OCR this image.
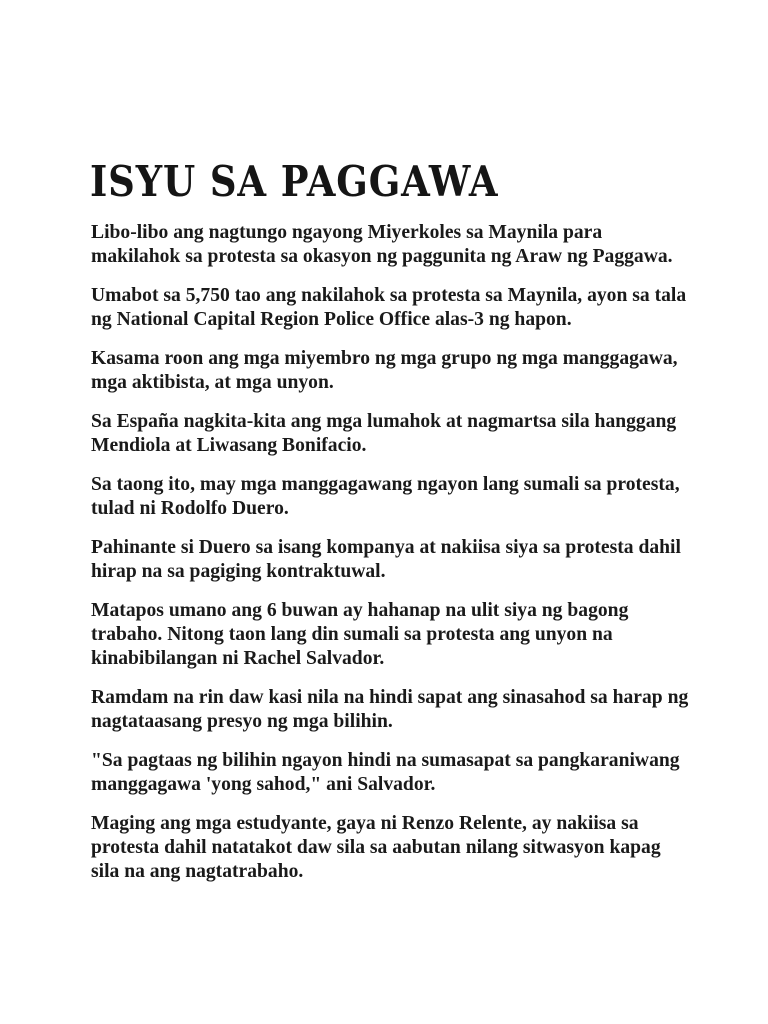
ISYU SA PAGGAWA

Libo-libo ang nagtungo ngayong Miyerkoles sa Maynila para makilahok sa protesta sa okasyon ng paggunita ng Araw ng Paggawa.

Umabot sa 5,750 tao ang nakilahok sa protesta sa Maynila, ayon sa tala ng National Capital Region Police Office alas-3 ng hapon.

Kasama roon ang mga miyembro ng mga grupo ng mga manggagawa, mga aktibista, at mga unyon.

Sa España nagkita-kita ang mga lumahok at nagmartsa sila hanggang Mendiola at Liwasang Bonifacio.

Sa taong ito, may mga manggagawang ngayon lang sumali sa protesta, tulad ni Rodolfo Duero.

Pahinante si Duero sa isang kompanya at nakiisa siya sa protesta dahil hirap na sa pagiging kontraktuwal.

Matapos umano ang 6 buwan ay hahanap na ulit siya ng bagong trabaho. Nitong taon lang din sumali sa protesta ang unyon na kinabibilangan ni Rachel Salvador.

Ramdam na rin daw kasi nila na hindi sapat ang sinasahod sa harap ng nagtataasang presyo ng mga bilihin.

"Sa pagtaas ng bilihin ngayon hindi na sumasapat sa pangkaraniwang manggagawa 'yong sahod," ani Salvador.

Maging ang mga estudyante, gaya ni Renzo Relente, ay nakiisa sa protesta dahil natatakot daw sila sa aabutan nilang sitwasyon kapag sila na ang nagtatrabaho.
